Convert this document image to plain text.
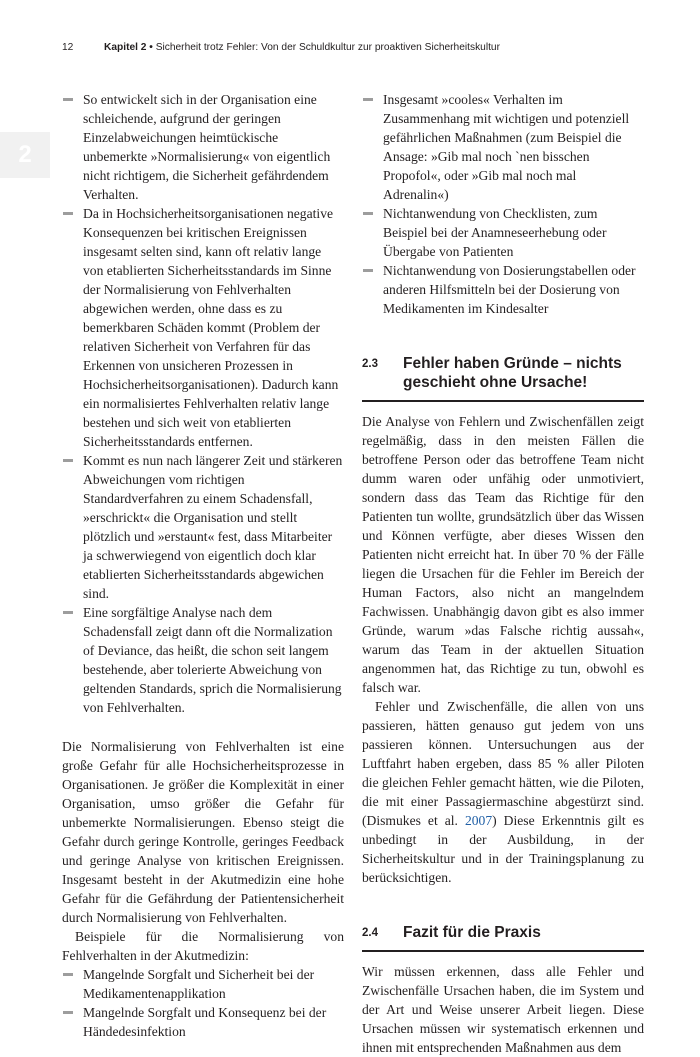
12	Kapitel 2 • Sicherheit trotz Fehler: Von der Schuldkultur zur proaktiven Sicherheitskultur
2
So entwickelt sich in der Organisation eine schleichende, aufgrund der geringen Einzelabweichungen heimtückische unbemerkte »Normalisierung« von eigentlich nicht richtigem, die Sicherheit gefährdendem Verhalten.
Da in Hochsicherheitsorganisationen negative Konsequenzen bei kritischen Ereignissen insgesamt selten sind, kann oft relativ lange von etablierten Sicherheitsstandards im Sinne der Normalisierung von Fehlverhalten abgewichen werden, ohne dass es zu bemerkbaren Schäden kommt (Problem der relativen Sicherheit von Verfahren für das Erkennen von unsicheren Prozessen in Hochsicherheitsorganisationen). Dadurch kann ein normalisiertes Fehlverhalten relativ lange bestehen und sich weit von etablierten Sicherheitsstandards entfernen.
Kommt es nun nach längerer Zeit und stärkeren Abweichungen vom richtigen Standardverfahren zu einem Schadensfall, »erschrickt« die Organisation und stellt plötzlich und »erstaunt« fest, dass Mitarbeiter ja schwerwiegend von eigentlich doch klar etablierten Sicherheitsstandards abgewichen sind.
Eine sorgfältige Analyse nach dem Schadensfall zeigt dann oft die Normalization of Deviance, das heißt, die schon seit langem bestehende, aber tolerierte Abweichung von geltenden Standards, sprich die Normalisierung von Fehlverhalten.

Die Normalisierung von Fehlverhalten ist eine große Gefahr für alle Hochsicherheitsprozesse in Organisationen. Je größer die Komplexität in einer Organisation, umso größer die Gefahr für unbemerkte Normalisierungen. Ebenso steigt die Gefahr durch geringe Kontrolle, geringes Feedback und geringe Analyse von kritischen Ereignissen. Insgesamt besteht in der Akutmedizin eine hohe Gefahr für die Gefährdung der Patientensicherheit durch Normalisierung von Fehlverhalten.

Beispiele für die Normalisierung von Fehlverhalten in der Akutmedizin:

Mangelnde Sorgfalt und Sicherheit bei der Medikamentenapplikation
Mangelnde Sorgfalt und Konsequenz bei der Händedesinfektion
Insgesamt »cooles« Verhalten im Zusammenhang mit wichtigen und potenziell gefährlichen Maßnahmen (zum Beispiel die Ansage: »Gib mal noch `nen bisschen Propofol«, oder »Gib mal noch mal Adrenalin«)
Nichtanwendung von Checklisten, zum Beispiel bei der Anamneseerhebung oder Übergabe von Patienten
Nichtanwendung von Dosierungstabellen oder anderen Hilfsmitteln bei der Dosierung von Medikamenten im Kindesalter
2.3	Fehler haben Gründe – nichts geschieht ohne Ursache!

Die Analyse von Fehlern und Zwischenfällen zeigt regelmäßig, dass in den meisten Fällen die betroffene Person oder das betroffene Team nicht dumm waren oder unfähig oder unmotiviert, sondern dass das Team das Richtige für den Patienten tun wollte, grundsätzlich über das Wissen und Können verfügte, aber dieses Wissen den Patienten nicht erreicht hat. In über 70 % der Fälle liegen die Ursachen für die Fehler im Bereich der Human Factors, also nicht an mangelndem Fachwissen. Unabhängig davon gibt es also immer Gründe, warum »das Falsche richtig aussah«, warum das Team in der aktuellen Situation angenommen hat, das Richtige zu tun, obwohl es falsch war.

Fehler und Zwischenfälle, die allen von uns passieren, hätten genauso gut jedem von uns passieren können. Untersuchungen aus der Luftfahrt haben ergeben, dass 85 % aller Piloten die gleichen Fehler gemacht hätten, wie die Piloten, die mit einer Passagiermaschine abgestürzt sind. (Dismukes et al. 2007) Diese Erkenntnis gilt es unbedingt in der Ausbildung, in der Sicherheitskultur und in der Trainingsplanung zu berücksichtigen.

2.4	Fazit für die Praxis

Wir müssen erkennen, dass alle Fehler und Zwischenfälle Ursachen haben, die im System und der Art und Weise unserer Arbeit liegen. Diese Ursachen müssen wir systematisch erkennen und ihnen mit entsprechenden Maßnahmen aus dem
